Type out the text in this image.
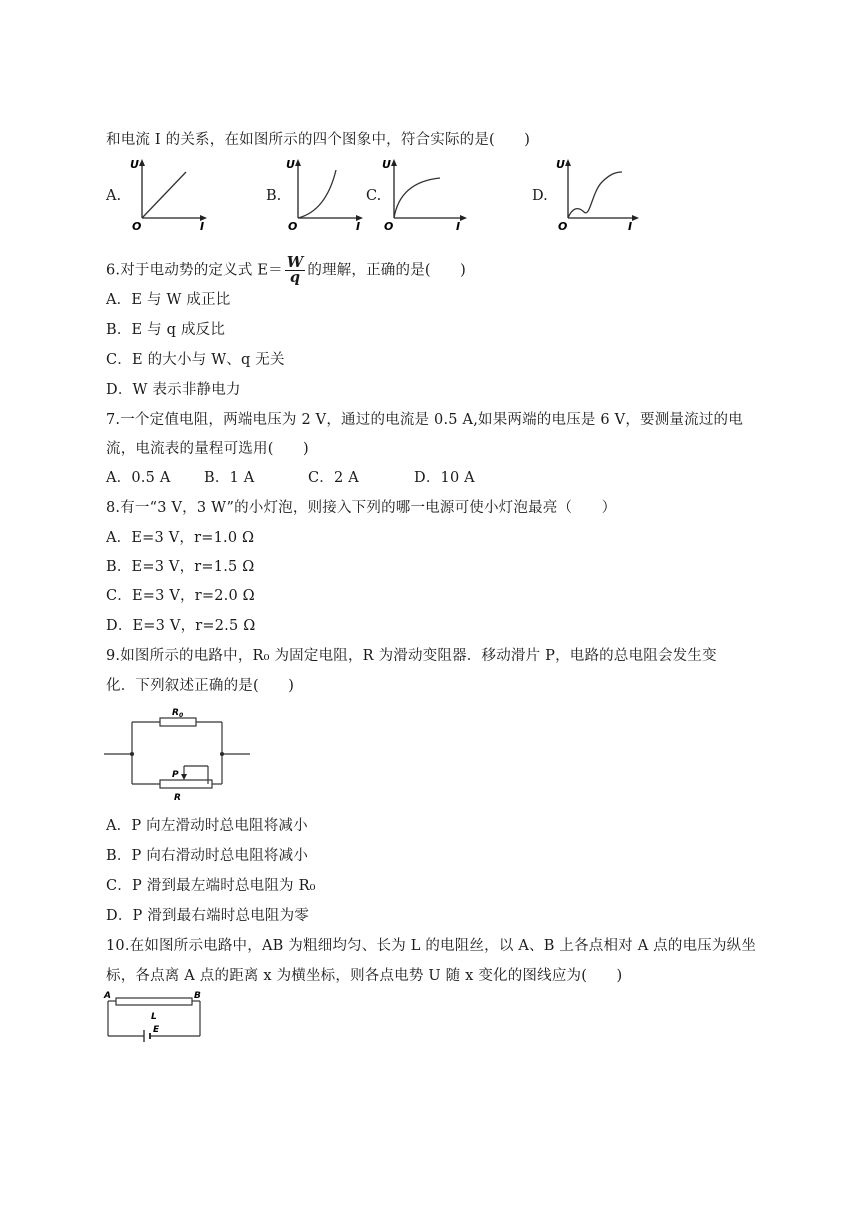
和电流 I 的关系，在如图所示的四个图象中，符合实际的是(　　)
A.
U
O	I
B.
U
O	I
C.
U
O	I
D.
U
O	I
6.对于电动势的定义式 $E= \frac{W}{q}$ 的理解，正确的是(　　)
A．E 与 W 成正比
B．E 与 q 成反比
C．E 的大小与 W、q 无关
D．W 表示非静电力
7.一个定值电阻，两端电压为 2 V，通过的电流是 0.5 A,如果两端的电压是 6 V，要测量流过的电
流，电流表的量程可选用(　　)
A．0.5 A B．1 A	C．2 A	D．10 A
8.有一“3 V，3 W”的小灯泡，则接入下列的哪一电源可使小灯泡最亮（　　）
A．E=3 V，r=1.0 Ω
B．E=3 V，r=1.5 Ω
C．E=3 V，r=2.0 Ω
D．E=3 V，r=2.5 Ω
9.如图所示的电路中，R₀ 为固定电阻，R 为滑动变阻器．移动滑片 P，电路的总电阻会发生变
化．下列叙述正确的是(　　)
$R_0$
P
R
A．P 向左滑动时总电阻将减小
B．P 向右滑动时总电阻将减小
C．P 滑到最左端时总电阻为 R₀
D．P 滑到最右端时总电阻为零
10.在如图所示电路中，AB 为粗细均匀、长为 L 的电阻丝，以 A、B 上各点相对 A 点的电压为纵坐
标，各点离 A 点的距离 x 为横坐标，则各点电势 U 随 x 变化的图线应为(　　)
A	B
L
E
